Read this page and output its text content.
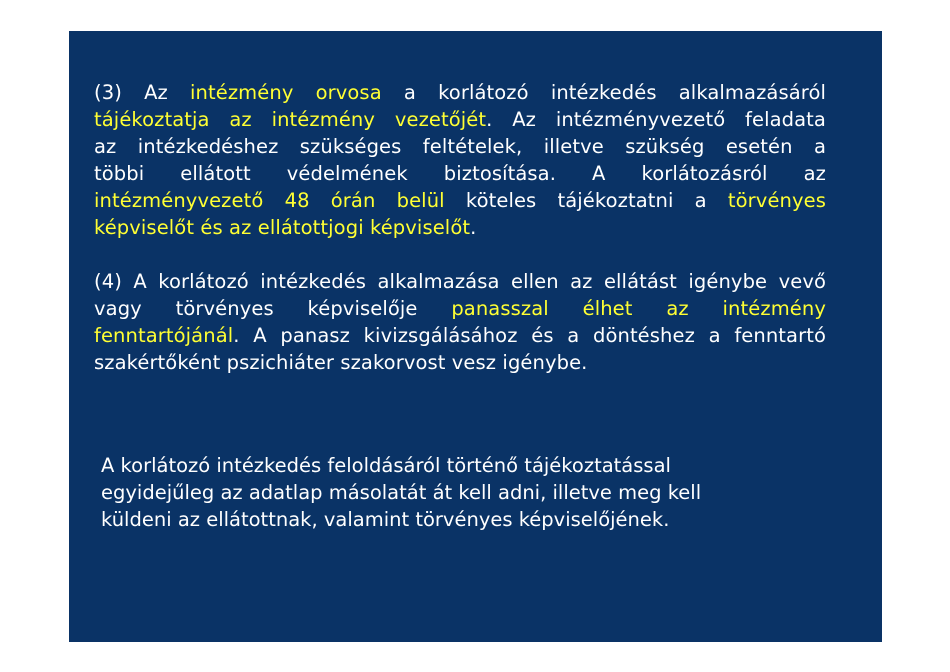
(3) Az intézmény orvosa a korlátozó intézkedés alkalmazásáról
tájékoztatja az intézmény vezetőjét. Az intézményvezető feladata
az intézkedéshez szükséges feltételek, illetve szükség esetén a
többi ellátott védelmének biztosítása. A korlátozásról az
intézményvezető 48 órán belül köteles tájékoztatni a törvényes
képviselőt és az ellátottjogi képviselőt.
(4) A korlátozó intézkedés alkalmazása ellen az ellátást igénybe vevő
vagy törvényes képviselője panasszal élhet az intézmény
fenntartójánál. A panasz kivizsgálásához és a döntéshez a fenntartó
szakértőként pszichiáter szakorvost vesz igénybe.
A korlátozó intézkedés feloldásáról történő tájékoztatással
egyidejűleg az adatlap másolatát át kell adni, illetve meg kell
küldeni az ellátottnak, valamint törvényes képviselőjének.
